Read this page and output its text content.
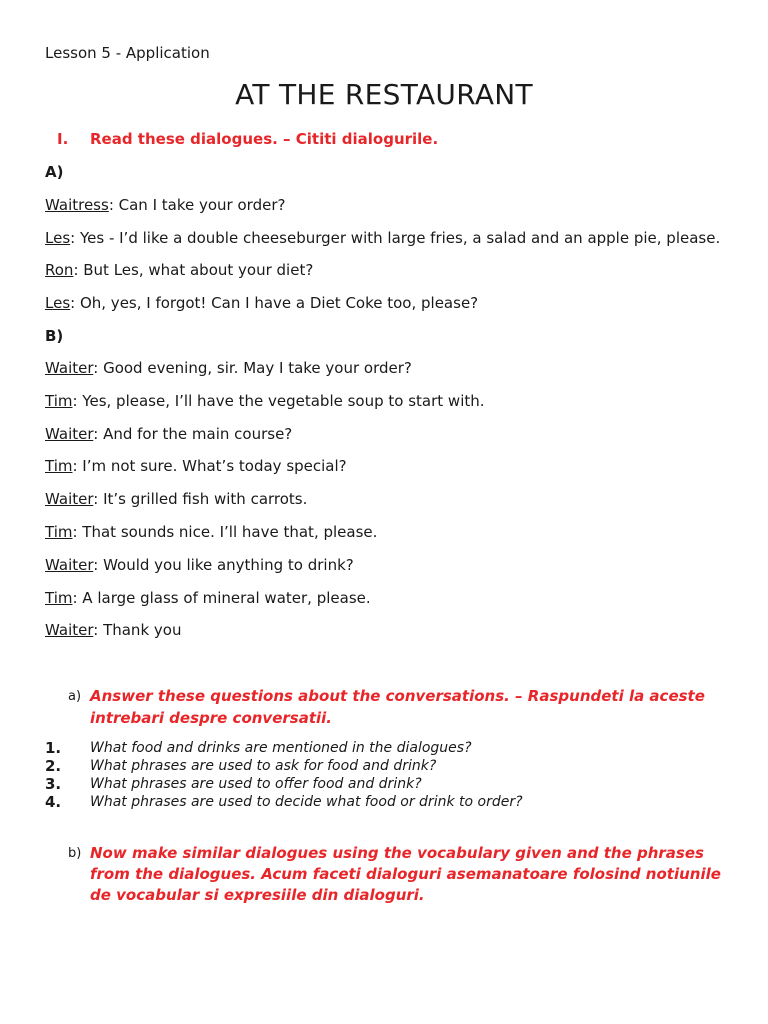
Lesson 5 - Application
AT THE RESTAURANT
I. Read these dialogues. – Cititi dialogurile.
A)
Waitress: Can I take your order?
Les: Yes - I’d like a double cheeseburger with large fries, a salad and an apple pie, please.
Ron: But Les, what about your diet?
Les: Oh, yes, I forgot! Can I have a Diet Coke too, please?
B)
Waiter: Good evening, sir. May I take your order?
Tim: Yes, please, I’ll have the vegetable soup to start with.
Waiter: And for the main course?
Tim: I’m not sure. What’s today special?
Waiter: It’s grilled fish with carrots.
Tim: That sounds nice. I’ll have that, please.
Waiter: Would you like anything to drink?
Tim: A large glass of mineral water, please.
Waiter: Thank you
a) Answer these questions about the conversations. – Raspundeti la aceste
intrebari despre conversatii.
1. What food and drinks are mentioned in the dialogues?
2. What phrases are used to ask for food and drink?
3. What phrases are used to offer food and drink?
4. What phrases are used to decide what food or drink to order?
b) Now make similar dialogues using the vocabulary given and the phrases
from the dialogues. Acum faceti dialoguri asemanatoare folosind notiunile
de vocabular si expresiile din dialoguri.
